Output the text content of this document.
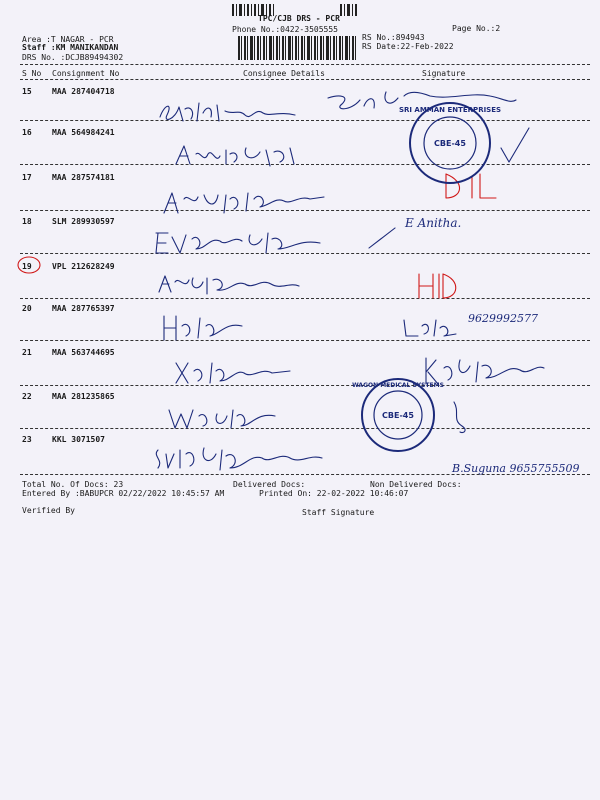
TPC/CJB DRS - PCR
Phone No.:0422-3505555	Page No.:2
Area :T NAGAR - PCR
Staff :KM MANIKANDAN
DRS No. :DCJB89494302
RS No.:894943
RS Date:22-Feb-2022
S No Consignment No	Consignee Details	Signature
15	MAA 287404718
16	MAA 564984241
17	MAA 287574181
18	SLM 289930597
19	VPL 212628249
20	MAA 287765397
21	MAA 563744695
22	MAA 281235865
23	KKL 3071507
E Anitha.
9629992577
B.Suguna 9655755509
SRI AMMAN ENTERPRISES
CBE-45
WAGON MEDICAL SYSTEMS
CBE-45
Total No. Of Docs: 23	Delivered Docs:	Non Delivered Docs:
Entered By :BABUPCR 02/22/2022 10:45:57 AM	Printed On: 22-02-2022 10:46:07
Verified By	Staff Signature
